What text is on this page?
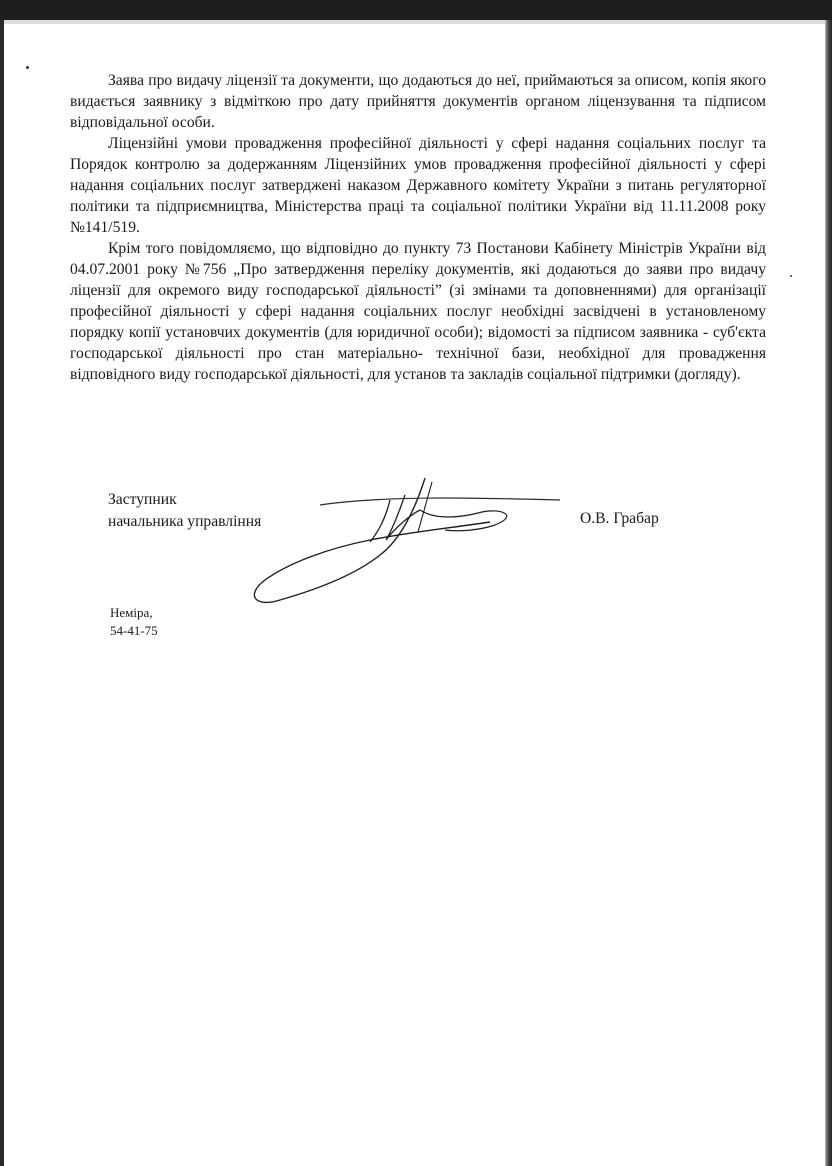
Заява про видачу ліцензії та документи, що додаються до неї, приймаються за описом, копія якого видається заявнику з відміткою про дату прийняття документів органом ліцензування та підписом відповідальної особи.

Ліцензійні умови провадження професійної діяльності у сфері надання соціальних послуг та Порядок контролю за додержанням Ліцензійних умов провадження професійної діяльності у сфері надання соціальних послуг затверджені наказом Державного комітету України з питань регуляторної політики та підприємництва, Міністерства праці та соціальної політики України від 11.11.2008 року №141/519.

Крім того повідомляємо, що відповідно до пункту 73 Постанови Кабінету Міністрів України від 04.07.2001 року №756 „Про затвердження переліку документів, які додаються до заяви про видачу ліцензії для окремого виду господарської діяльності” (зі змінами та доповненнями) для організації професійної діяльності у сфері надання соціальних послуг необхідні засвідчені в установленому порядку копії установчих документів (для юридичної особи); відомості за підписом заявника - суб'єкта господарської діяльності про стан матеріально- технічної бази, необхідної для провадження відповідного виду господарської діяльності, для установ та закладів соціальної підтримки (догляду).

Заступник
начальника управління	О.В. Грабар
Неміра,
54-41-75
